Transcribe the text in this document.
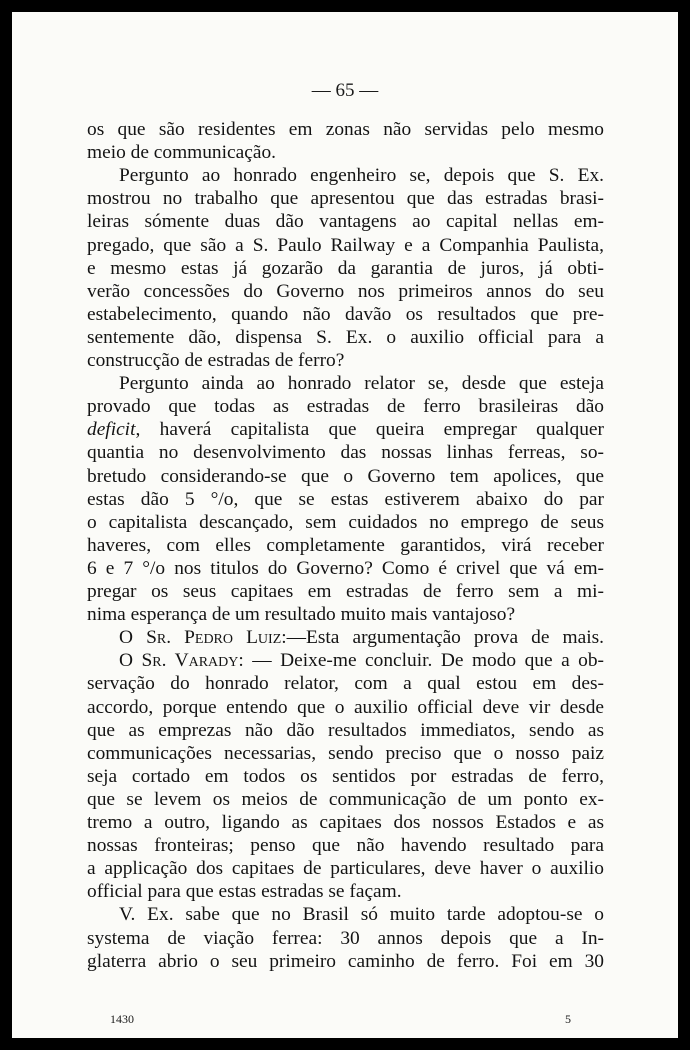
— 65 —
os que são residentes em zonas não servidas pelo mesmo
meio de communicação.
Pergunto ao honrado engenheiro se, depois que S. Ex.
mostrou no trabalho que apresentou que das estradas brasi-
leiras sómente duas dão vantagens ao capital nellas em-
pregado, que são a S. Paulo Railway e a Companhia Paulista,
e mesmo estas já gozarão da garantia de juros, já obti-
verão concessões do Governo nos primeiros annos do seu
estabelecimento, quando não davão os resultados que pre-
sentemente dão, dispensa S. Ex. o auxilio official para a
construcção de estradas de ferro?
Pergunto ainda ao honrado relator se, desde que esteja
provado que todas as estradas de ferro brasileiras dão
deficit, haverá capitalista que queira empregar qualquer
quantia no desenvolvimento das nossas linhas ferreas, so-
bretudo considerando-se que o Governo tem apolices, que
estas dão 5 °/o, que se estas estiverem abaixo do par
o capitalista descançado, sem cuidados no emprego de seus
haveres, com elles completamente garantidos, virá receber
6 e 7 °/o nos titulos do Governo? Como é crivel que vá em-
pregar os seus capitaes em estradas de ferro sem a mi-
nima esperança de um resultado muito mais vantajoso?
O Sr. Pedro Luiz:—Esta argumentação prova de mais.
O Sr. Varady: — Deixe-me concluir. De modo que a ob-
servação do honrado relator, com a qual estou em des-
accordo, porque entendo que o auxilio official deve vir desde
que as emprezas não dão resultados immediatos, sendo as
communicações necessarias, sendo preciso que o nosso paiz
seja cortado em todos os sentidos por estradas de ferro,
que se levem os meios de communicação de um ponto ex-
tremo a outro, ligando as capitaes dos nossos Estados e as
nossas fronteiras; penso que não havendo resultado para
a applicação dos capitaes de particulares, deve haver o auxilio
official para que estas estradas se façam.
V. Ex. sabe que no Brasil só muito tarde adoptou-se o
systema de viação ferrea: 30 annos depois que a In-
glaterra abrio o seu primeiro caminho de ferro. Foi em 30
1430	5
